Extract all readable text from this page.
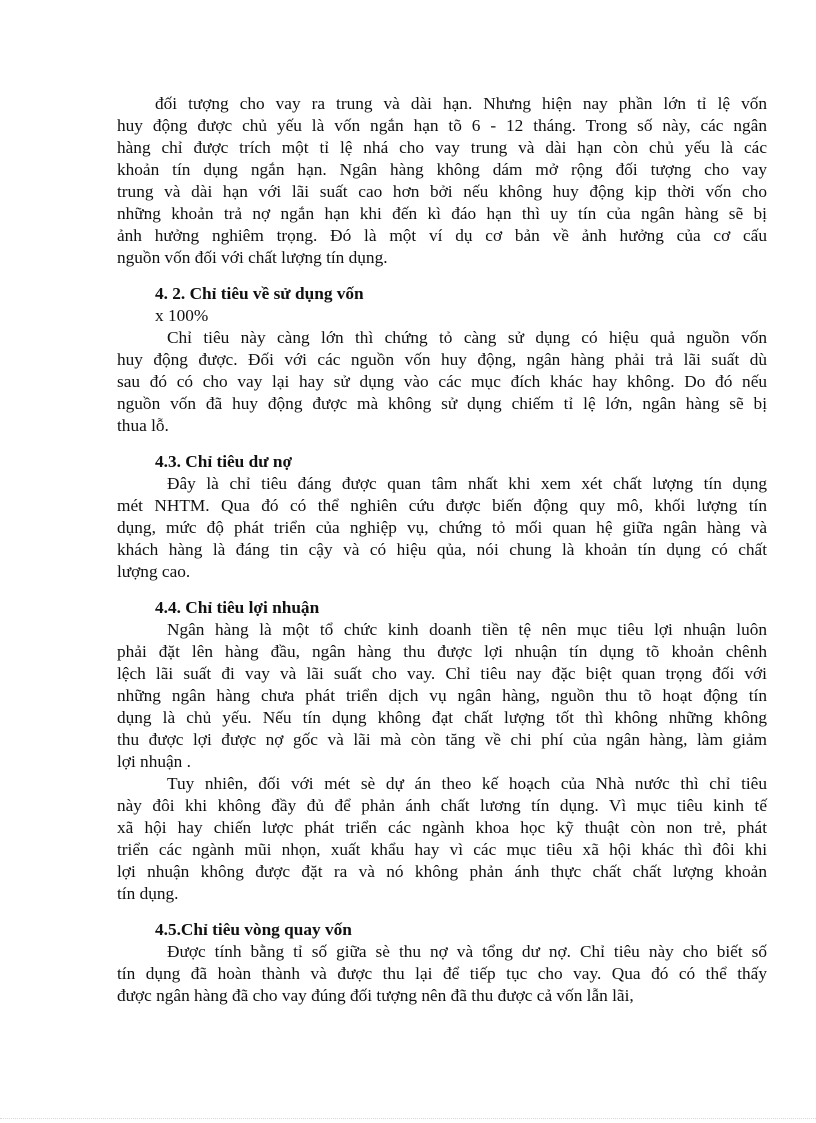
đối tượng cho vay ra trung và dài hạn. Nhưng hiện nay phần lớn tỉ lệ vốn
huy động được chủ yếu là vốn ngắn hạn tõ 6 - 12 tháng. Trong số này, các ngân
hàng chỉ được trích một tỉ lệ nhá cho vay trung và dài hạn còn chủ yếu là các
khoản tín dụng ngắn hạn. Ngân hàng không dám mở rộng đối tượng cho vay
trung và dài hạn với lãi suất cao hơn bởi nếu không huy động kịp thời vốn cho
những khoản trả nợ ngắn hạn khi đến kì đáo hạn thì uy tín của ngân hàng sẽ bị
ảnh hưởng nghiêm trọng. Đó là một ví dụ cơ bản về ảnh hưởng của cơ cấu
nguồn vốn đối với chất lượng tín dụng.
4. 2. Chỉ tiêu về sử dụng vốn
x 100%
Chỉ tiêu này càng lớn thì chứng tỏ càng sử dụng có hiệu quả nguồn vốn
huy động được. Đối với các nguồn vốn huy động, ngân hàng phải trả lãi suất dù
sau đó có cho vay lại hay sử dụng vào các mục đích khác hay không. Do đó nếu
nguồn vốn đã huy động được mà không sử dụng chiếm tỉ lệ lớn, ngân hàng sẽ bị
thua lỗ.
4.3. Chỉ tiêu dư nợ
Đây là chỉ tiêu đáng được quan tâm nhất khi xem xét chất lượng tín dụng
mét NHTM. Qua đó có thể nghiên cứu được biến động quy mô, khối lượng tín
dụng, mức độ phát triển của nghiệp vụ, chứng tỏ mối quan hệ giữa ngân hàng và
khách hàng là đáng tin cậy và có hiệu qủa, nói chung là khoản tín dụng có chất
lượng cao.
4.4. Chỉ tiêu lợi nhuận
Ngân hàng là một tổ chức kinh doanh tiền tệ nên mục tiêu lợi nhuận luôn
phải đặt lên hàng đầu, ngân hàng thu được lợi nhuận tín dụng tõ khoản chênh
lệch lãi suất đi vay và lãi suất cho vay. Chỉ tiêu nay đặc biệt quan trọng đối với
những ngân hàng chưa phát triển dịch vụ ngân hàng, nguồn thu tõ hoạt động tín
dụng là chủ yếu. Nếu tín dụng không đạt chất lượng tốt thì không những không
thu được lợi được nợ gốc và lãi mà còn tăng về chi phí của ngân hàng, làm giảm
lợi nhuận .
Tuy nhiên, đối với mét sè dự án theo kế hoạch của Nhà nước thì chỉ tiêu
này đôi khi không đầy đủ để phản ánh chất lương tín dụng. Vì mục tiêu kinh tế
xã hội hay chiến lược phát triển các ngành khoa học kỹ thuật còn non trẻ, phát
triển các ngành mũi nhọn, xuất khẩu hay vì các mục tiêu xã hội khác thì đôi khi
lợi nhuận không được đặt ra và nó không phản ánh thực chất chất lượng khoản
tín dụng.
4.5.Chỉ tiêu vòng quay vốn
Được tính bằng tỉ số giữa sè thu nợ và tổng dư nợ. Chỉ tiêu này cho biết số
tín dụng đã hoàn thành và được thu lại để tiếp tục cho vay. Qua đó có thể thấy
được ngân hàng đã cho vay đúng đối tượng nên đã thu được cả vốn lẫn lãi,
